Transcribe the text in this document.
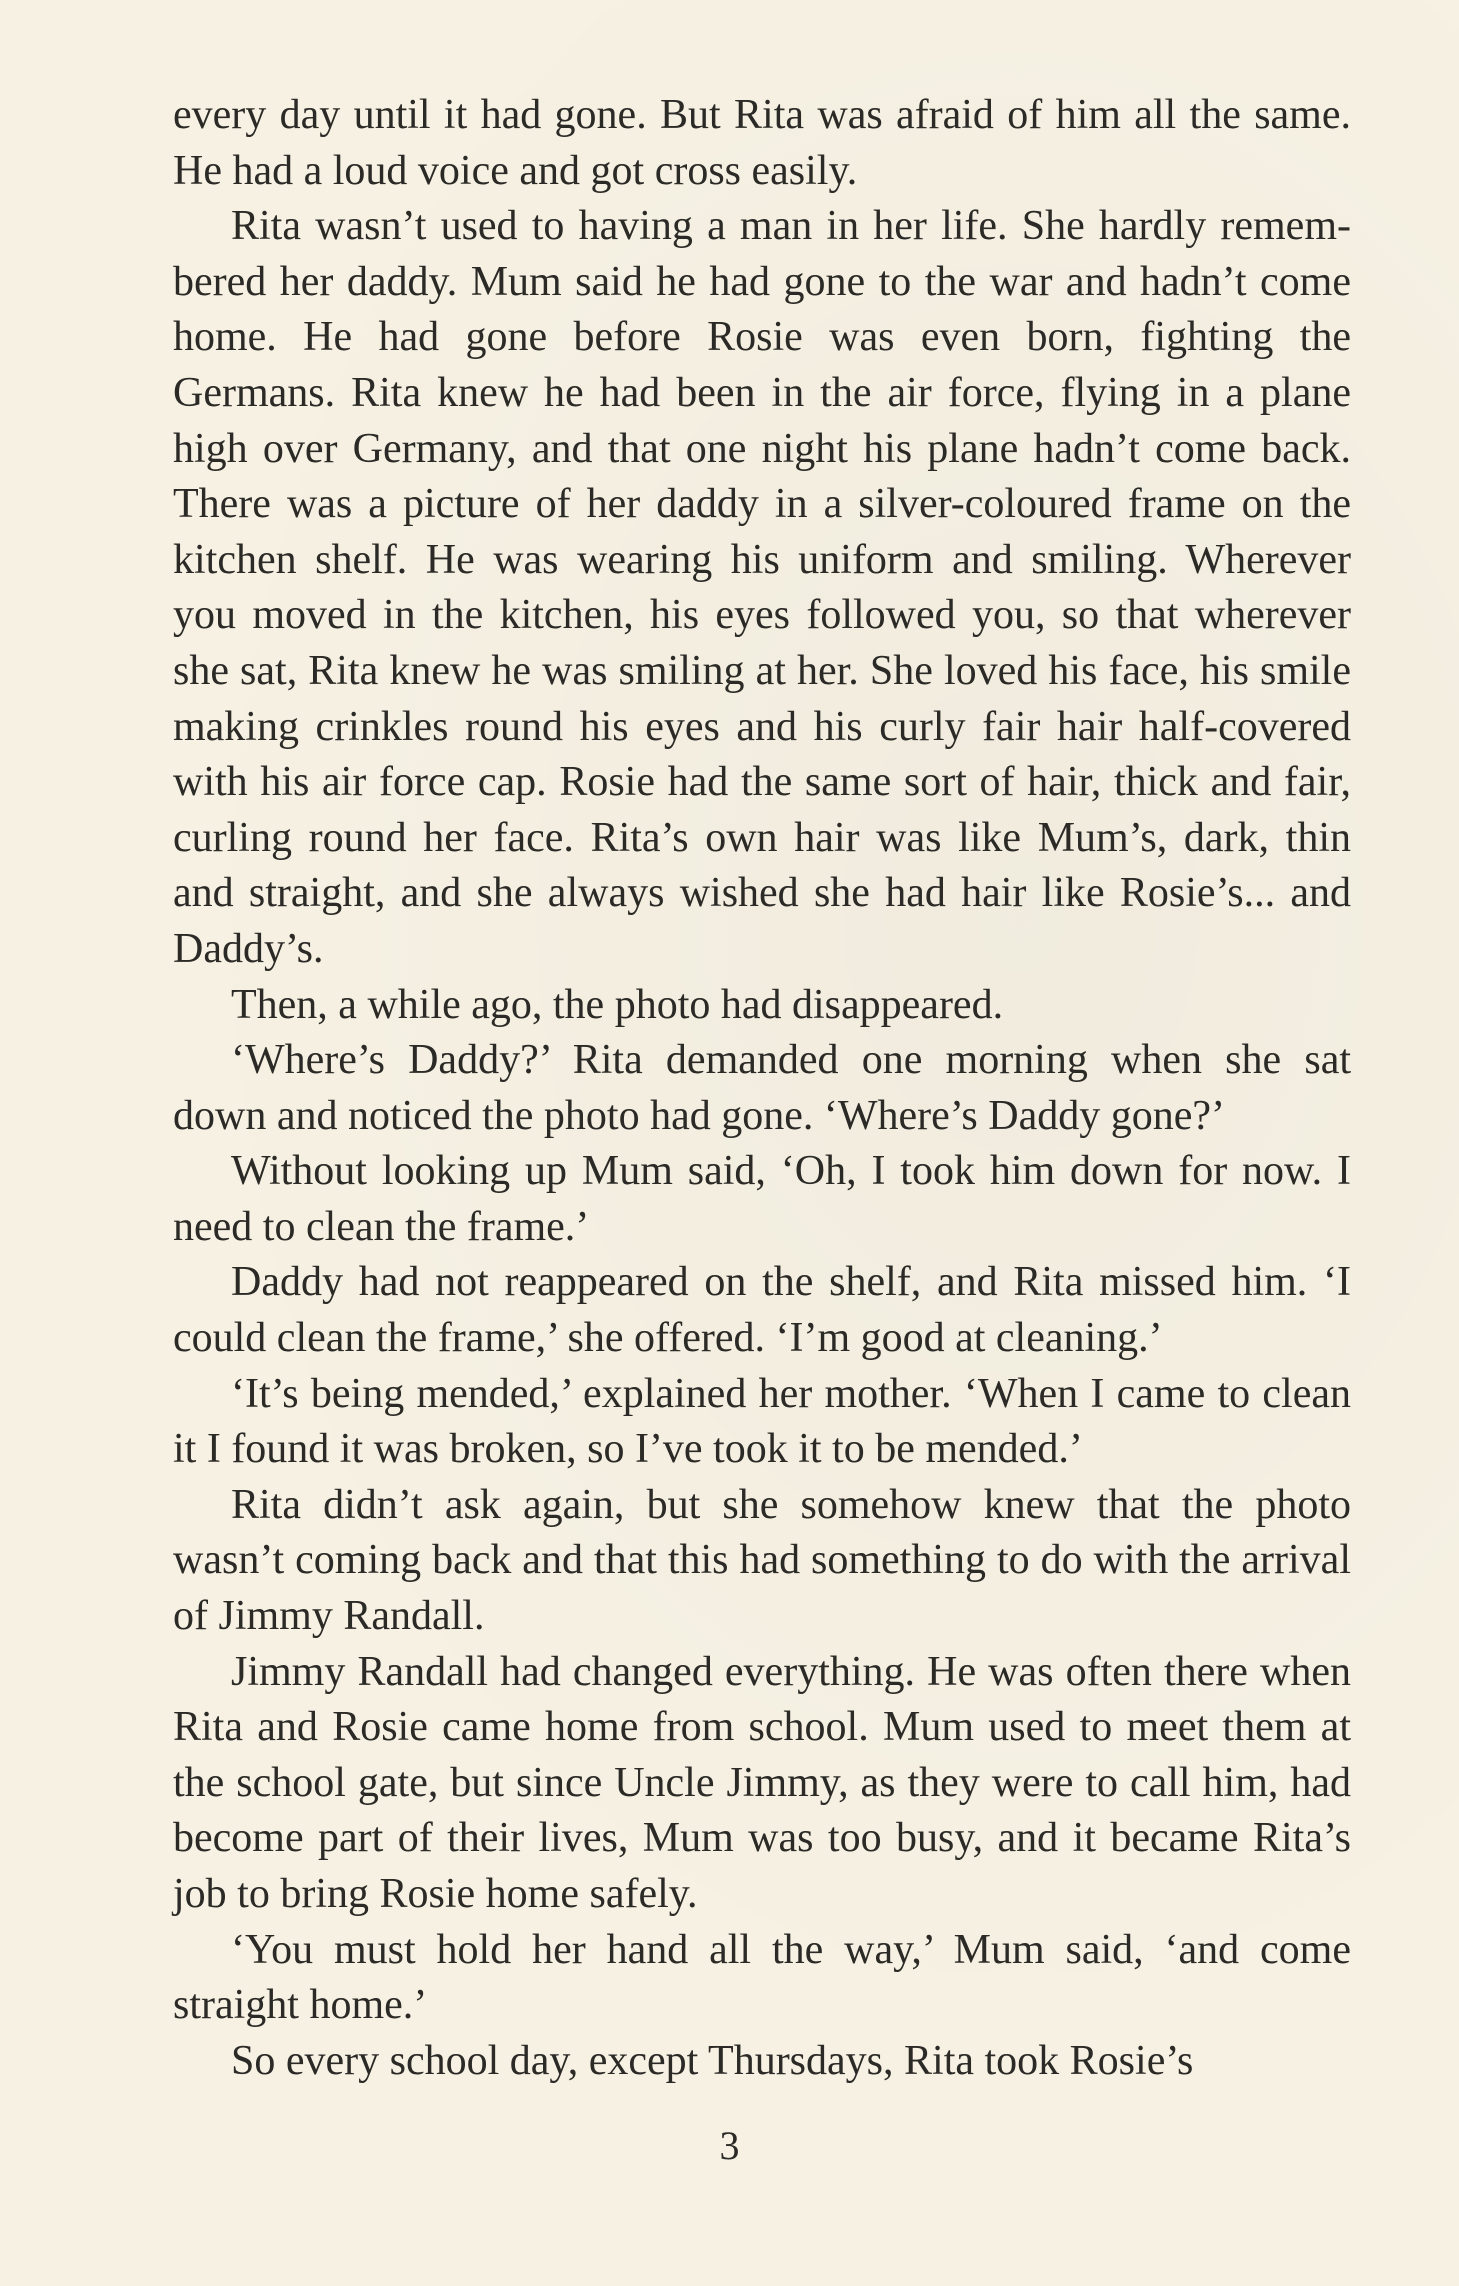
every day until it had gone. But Rita was afraid of him all the same. He had a loud voice and got cross easily.

Rita wasn’t used to having a man in her life. She hardly remembered her daddy. Mum said he had gone to the war and hadn’t come home. He had gone before Rosie was even born, fighting the Germans. Rita knew he had been in the air force, flying in a plane high over Germany, and that one night his plane hadn’t come back. There was a picture of her daddy in a silver-coloured frame on the kitchen shelf. He was wearing his uniform and smiling. Wherever you moved in the kitchen, his eyes followed you, so that wherever she sat, Rita knew he was smiling at her. She loved his face, his smile making crinkles round his eyes and his curly fair hair half-covered with his air force cap. Rosie had the same sort of hair, thick and fair, curling round her face. Rita’s own hair was like Mum’s, dark, thin and straight, and she always wished she had hair like Rosie’s... and Daddy’s.

Then, a while ago, the photo had disappeared.

‘Where’s Daddy?’ Rita demanded one morning when she sat down and noticed the photo had gone. ‘Where’s Daddy gone?’

Without looking up Mum said, ‘Oh, I took him down for now. I need to clean the frame.’

Daddy had not reappeared on the shelf, and Rita missed him. ‘I could clean the frame,’ she offered. ‘I’m good at cleaning.’

‘It’s being mended,’ explained her mother. ‘When I came to clean it I found it was broken, so I’ve took it to be mended.’

Rita didn’t ask again, but she somehow knew that the photo wasn’t coming back and that this had something to do with the arrival of Jimmy Randall.

Jimmy Randall had changed everything. He was often there when Rita and Rosie came home from school. Mum used to meet them at the school gate, but since Uncle Jimmy, as they were to call him, had become part of their lives, Mum was too busy, and it became Rita’s job to bring Rosie home safely.

‘You must hold her hand all the way,’ Mum said, ‘and come straight home.’

So every school day, except Thursdays, Rita took Rosie’s

3
